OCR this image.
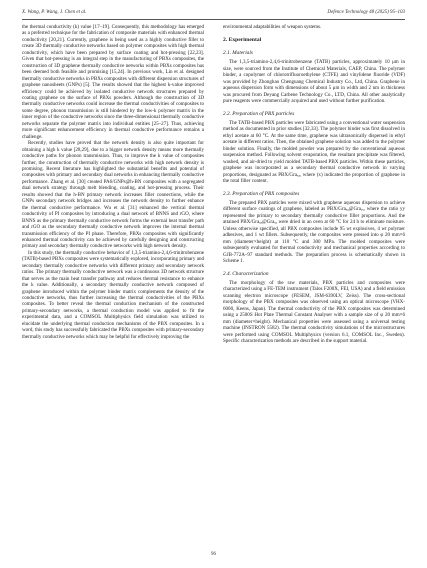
X. Wang, P. Wang, J. Chen et al.	Defence Technology 48 (2025) 95–103

the thermal conductivity (k) value [17–19]. Consequently, this methodology has emerged as a preferred technique for the fabrication of composite materials with enhanced thermal conductivity [20,21]. Currently, graphene is being used as a highly conductive filler to create 3D thermally conductive networks based on polymer composites with high thermal conductivity, which have been prepared by surface coating and hot-pressing [22,23]. Given that hot-pressing is an integral step in the manufacturing of PBXs composites, the construction of 3D graphene thermally conductive networks within PBXs composites has been deemed both feasible and promising [15,24]. In previous work, Lin et al. designed thermally conductive networks in PBXs composites with different dispersion structures of graphene nanosheets (GNPs) [5]. The results showed that the highest k-value improved efficiency could be achieved by isolated conductive network structures prepared by coating graphene on the surface of PBXs powders. Although the construction of 3D thermally conductive networks could increase the thermal conductivities of composites to some degree, phonon transmission is still hindered by the low-k polymer matrix in the inner region of the conductive networks since the three-dimensional thermally conductive networks separate the polymer matrix into individual entities [25–27]. Thus, achieving more significant enhancement efficiency in thermal conductive performance remains a challenge.

Recently, studies have proved that the network density is also quite important for obtaining a high k value [28,29], due to a bigger network density means more thermally conductive paths for phonon transmission. Thus, to improve the k value of composites further, the construction of thermally conductive networks with high network density is promising. Recent literature has highlighted the substantial benefits and potential of composites with primary and secondary dual networks in enhancing thermally conductive performance. Zhang et al. [30] created PA6/GNPs@h-BN composites with a segregated dual network strategy through melt blending, coating, and hot-pressing process. Their results showed that the h-BN primary network increases filler connections, while the GNPs secondary network bridges and increases the network density to further enhance the thermal conductive performance. Wu et al. [31] enhanced the vertical thermal conductivity of PI composites by introducing a dual network of BNNS and rGO, where BNNS as the primary thermally conductive network forms the external heat transfer path and rGO as the secondary thermally conductive network improves the internal thermal transmission efficiency of the PI phase. Therefore, PBXs composites with significantly enhanced thermal conductivity can be achieved by carefully designing and constructing primary and secondary thermally conductive networks with high network density.

In this study, the thermally conductive behavior of 1,3,5-triamino-2,4,6-trinitrobenzene (TATB)-based PBXs composites were systematically explored, incorporating primary and secondary thermally conductive networks with different primary and secondary network ratios. The primary thermally conductive network was a continuous 3D network structure that serves as the main heat transfer pathway and reduces thermal resistance to enhance the k value. Additionally, a secondary thermally conductive network composed of graphene introduced within the polymer binder matrix complements the density of the conductive networks, thus further increasing the thermal conductivities of the PBXs composites. To better reveal the thermal conduction mechanism of the constructed primary-secondary networks, a thermal conduction model was applied to fit the experimental data, and a COMSOL Multiphysics field simulation was utilized to elucidate the underlying thermal conduction mechanisms of the PBX composites. In a word, this study has successfully fabricated the PBXs composites with primary-secondary thermally conductive networks which may be helpful for effectively improving the

environmental adaptabilities of weapon systems.

2. Experimental
2.1. Materials

The 1,3,5-triamino-2,4,6-trinitrobenzene (TATB) particles, approximately 10 μm in size, were sourced from the Institute of Chemical Materials, CAEP, China. The polymer binder, a copolymer of chlorotrifluoroethylene (CTFE) and vinylidene fluoride (VDF) was provided by Zhonghao Chenguang Chemical Industry Co., Ltd, China. Graphene in aqueous dispersion form with dimensions of about 5 μm in width and 2 nm in thickness was procured from Deyang Carbene Technology Co., LTD, China. All other analytically pure reagents were commercially acquired and used without further purification.

2.2. Preparation of PBX particles

The TATB-based PBX particles were fabricated using a conventional water suspension method as documented in prior studies [32,33]. The polymer binder was first dissolved in ethyl acetate at 60 °C. At the same time, graphene was ultrasonically dispersed in ethyl acetate in different ratios. Then, the obtained graphene solution was added to the polymer binder solution. Finally, the molded powder was prepared by the conventional aqueous suspension method. Following solvent evaporation, the resultant precipitate was filtered, washed, and air-dried to yield molded TATB-based PBX particles. Within these particles, graphene was incorporated as a secondary thermal conductive network in varying proportions, designated as PBX/Graₓₓ, where (x) indicated the proportion of graphene in the total filler content.

2.3. Preparation of PBX composites

The prepared PBX particles were mixed with graphene aqueous dispersion to achieve different surface coatings of graphene, labeled as PBX/Graₓₓ@Graᵧᵧ, where the ratio yy represented the primary to secondary thermally conductive filler proportions. And the attained PBX/Graₓₓ@Graᵧᵧ were dried in an oven at 60 °C for 24 h to eliminate moisture. Unless otherwise specified, all PBX composites include 95 wt explosives, 4 wt polymer adhesives, and 1 wt fillers. Subsequently, the composites were pressed into φ 20 mm×6 mm (diameter×height) at 110 °C and 300 MPa. The molded composites were subsequently evaluated for thermal conductivity and mechanical properties according to GJB-772A–97 standard methods. The preparation process is schematically shown in Scheme 1.

2.4. Characterization

The morphology of the raw materials, PBX particles and composites were characterized using a FE-TEM instrument (Talos F200X, FEI, USA) and a field emission scanning electron microscope (FESEM, JSM-6390LV, Zeiss). The cross-sectional morphology of the PBX composites was observed using an optical microscope (VHX-6000, Keens, Japan). The thermal conductivity of the PBX composites was determined using a 2500S Hot Plate Thermal Constant Analyser with a sample size of φ 20 mm×6 mm (diameter×height). Mechanical properties were assessed using a universal testing machine (INSTRON 5582). The thermal conductivity simulations of the microstructures were performed using COMSOL Multiphysics (version 6.1, COMSOL Inc., Sweden). Specific characterization methods are described in the support material.

96
